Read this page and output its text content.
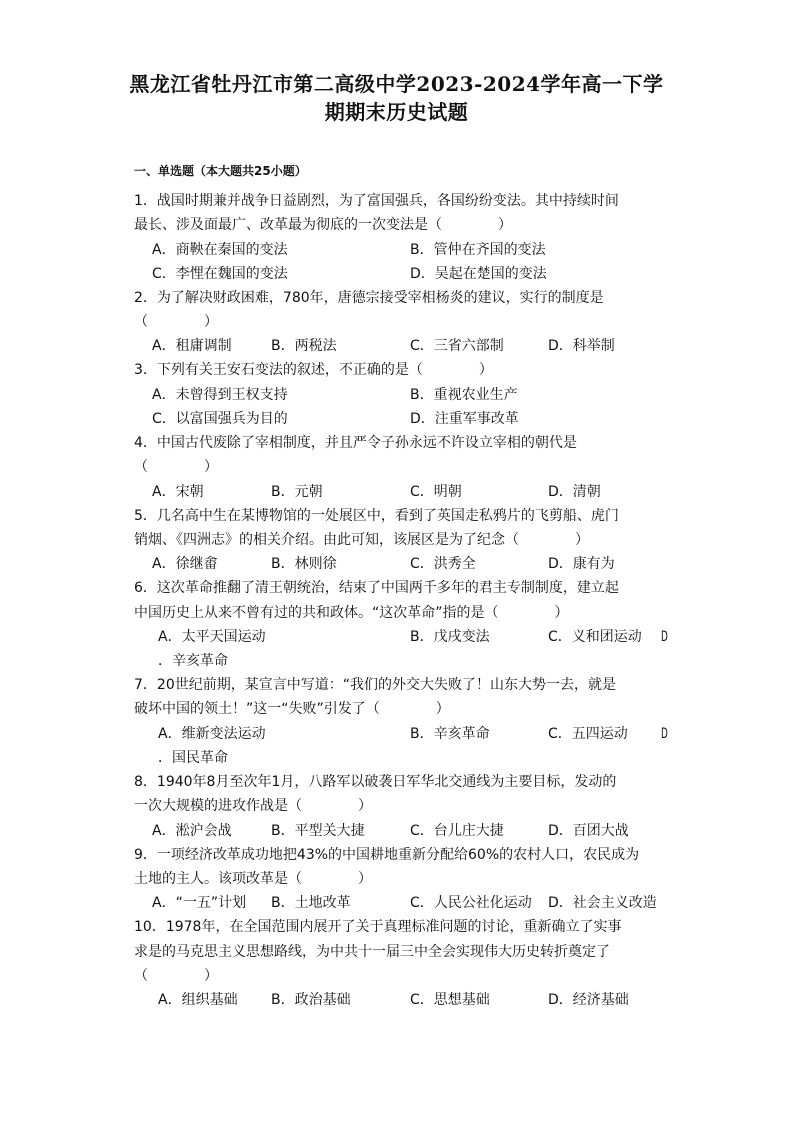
黑龙江省牡丹江市第二高级中学2023-2024学年高一下学
期期末历史试题
一、单选题（本大题共25小题）
1．战国时期兼并战争日益剧烈，为了富国强兵，各国纷纷变法。其中持续时间
最长、涉及面最广、改革最为彻底的一次变法是（　　　　）
A．商鞅在秦国的变法	B．管仲在齐国的变法
C．李悝在魏国的变法	D．吴起在楚国的变法
2．为了解决财政困难，780年，唐德宗接受宰相杨炎的建议，实行的制度是
（　　　　）
A．租庸调制	B．两税法	C．三省六部制	D．科举制
3．下列有关王安石变法的叙述，不正确的是（　　　　）
A．未曾得到王权支持	B．重视农业生产
C．以富国强兵为目的	D．注重军事改革
4．中国古代废除了宰相制度，并且严令子孙永远不许设立宰相的朝代是
（　　　　）
A．宋朝	B．元朝	C．明朝	D．清朝
5．几名高中生在某博物馆的一处展区中，看到了英国走私鸦片的飞剪船、虎门
销烟、《四洲志》的相关介绍。由此可知，该展区是为了纪念（　　　　）
A．徐继畬	B．林则徐	C．洪秀全	D．康有为
6．这次革命推翻了清王朝统治，结束了中国两千多年的君主专制制度，建立起
中国历史上从来不曾有过的共和政体。“这次革命”指的是（　　　　）
A．太平天国运动	B．戊戌变法	C．义和团运动 D
．辛亥革命
7．20世纪前期，某宣言中写道：“我们的外交大失败了！山东大势一去，就是
破坏中国的领土！”这一“失败”引发了（　　　　）
A．维新变法运动	B．辛亥革命	C．五四运动 D
．国民革命
8．1940年8月至次年1月，八路军以破袭日军华北交通线为主要目标，发动的
一次大规模的进攻作战是（　　　　）
A．淞沪会战	B．平型关大捷	C．台儿庄大捷	D．百团大战
9．一项经济改革成功地把43%的中国耕地重新分配给60%的农村人口，农民成为
土地的主人。该项改革是（　　　　）
A．“一五”计划 B．土地改革	C．人民公社化运动 D．社会主义改造
10．1978年，在全国范围内展开了关于真理标准问题的讨论，重新确立了实事
求是的马克思主义思想路线，为中共十一届三中全会实现伟大历史转折奠定了
（　　　　）
A．组织基础 B．政治基础	C．思想基础	D．经济基础
